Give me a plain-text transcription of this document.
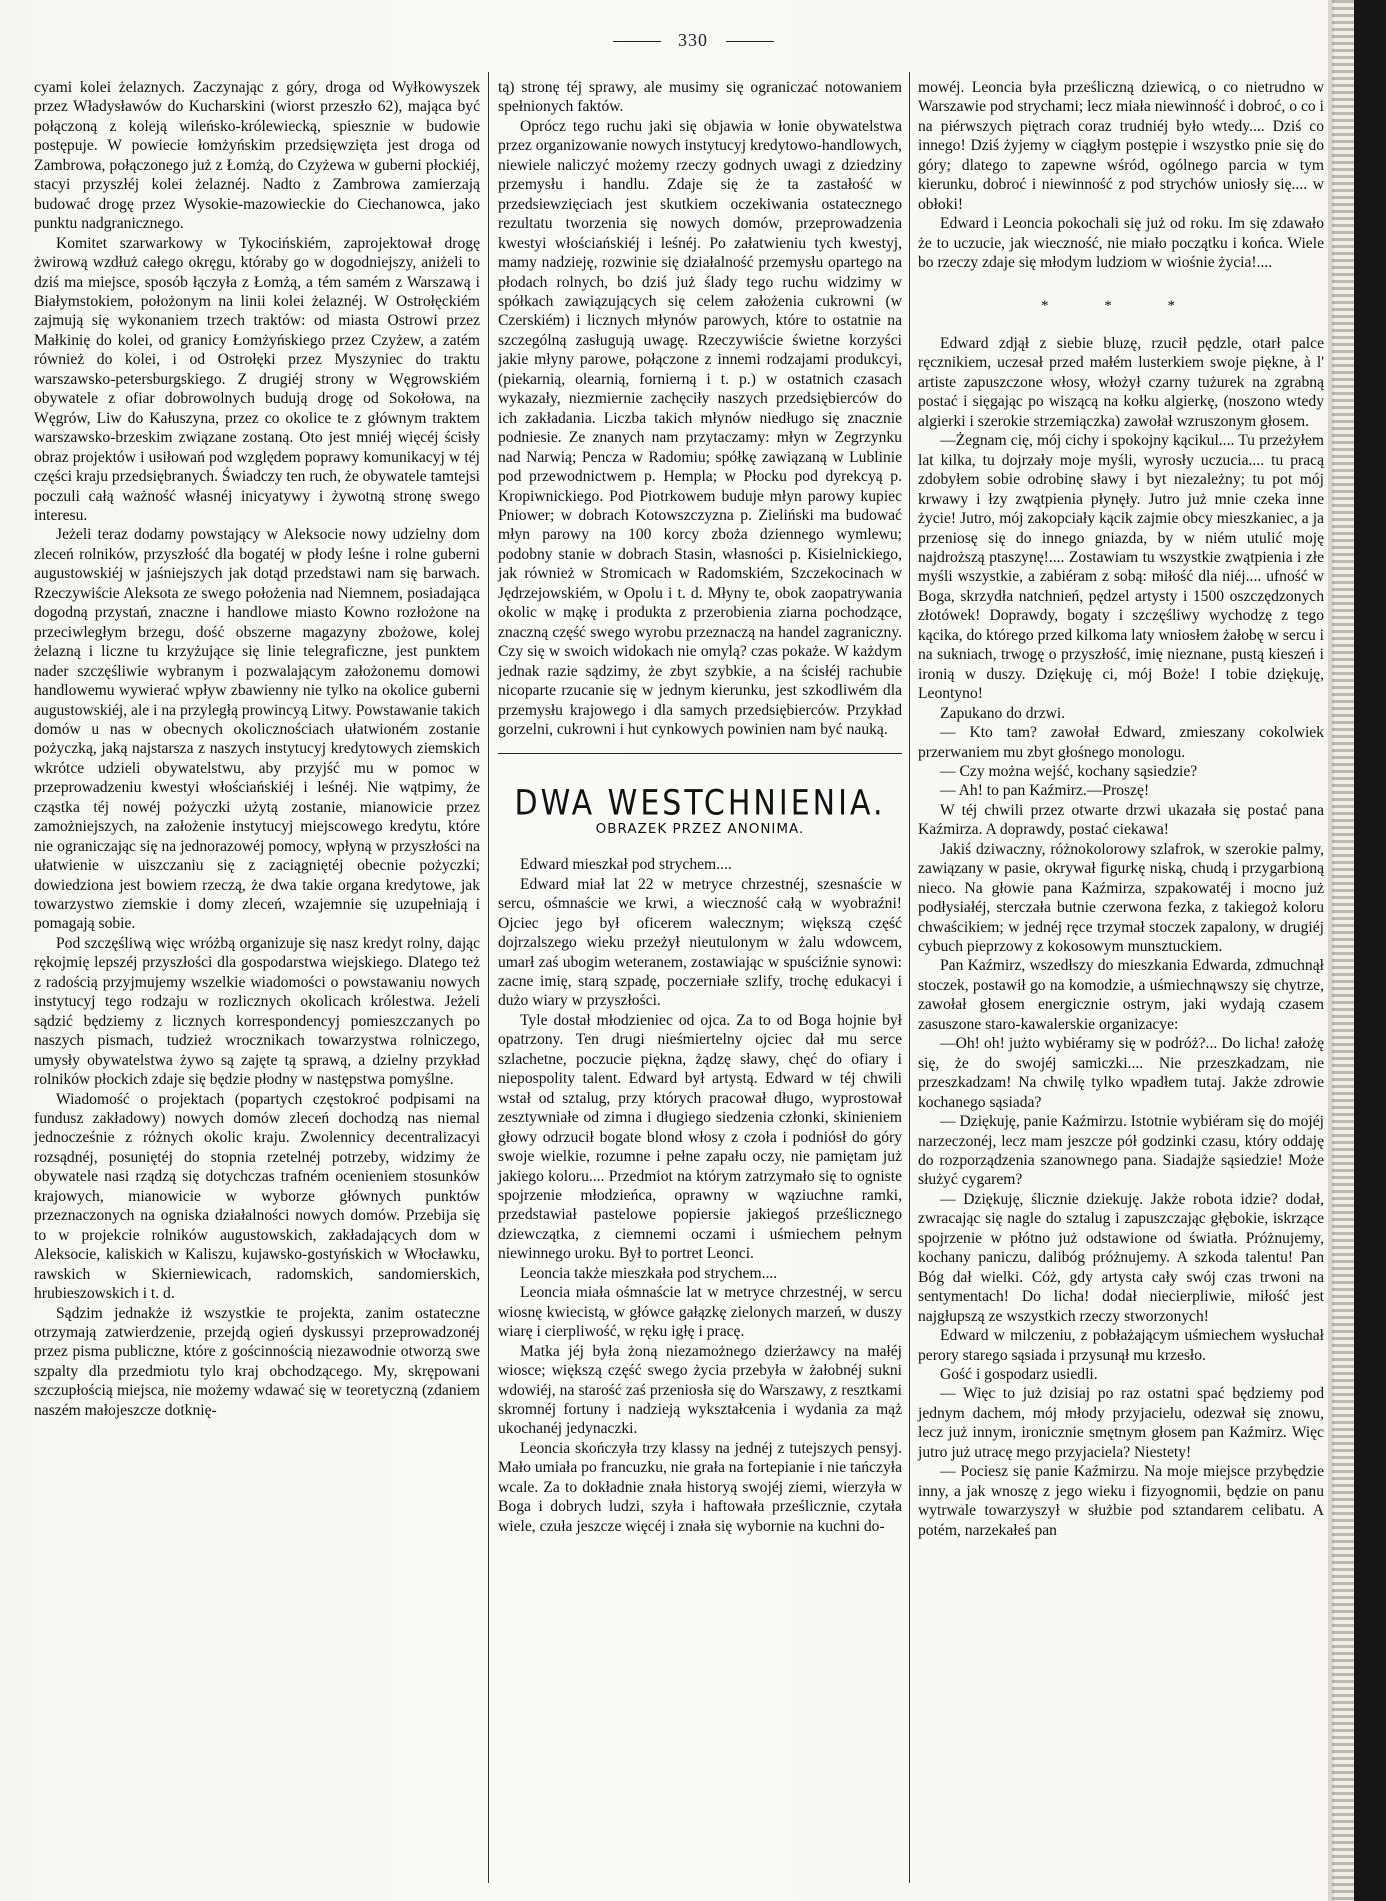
330

cyami kolei żelaznych. Zaczynając z góry, droga od Wyłkowyszek przez Władysławów do Kucharskini (wiorst przeszło 62), mająca być połączoną z koleją wileńsko-królewiecką, spiesznie w budowie postępuje. W powiecie łomżyńskim przedsięwzięta jest droga od Zambrowa, połączonego już z Łomżą, do Czyżewa w guberni płockiéj, stacyi przyszłéj kolei żelaznéj. Nadto z Zambrowa zamierzają budować drogę przez Wysokie-mazowieckie do Ciechanowca, jako punktu nadgranicznego.

Komitet szarwarkowy w Tykocińskiém, zaprojektował drogę żwirową wzdłuż całego okręgu, któraby go w dogodniejszy, aniżeli to dziś ma miejsce, sposób łączyła z Łomżą, a tém samém z Warszawą i Białymstokiem, położonym na linii kolei żelaznéj. W Ostrołęckiém zajmują się wykonaniem trzech traktów: od miasta Ostrowi przez Małkinię do kolei, od granicy Łomżyńskiego przez Czyżew, a zatém również do kolei, i od Ostrołęki przez Myszyniec do traktu warszawsko-petersburgskiego. Z drugiéj strony w Węgrowskiém obywatele z ofiar dobrowolnych budują drogę od Sokołowa, na Węgrów, Liw do Kałuszyna, przez co okolice te z głównym traktem warszawsko-brzeskim związane zostaną. Oto jest mniéj więcéj ścisły obraz projektów i usiłowań pod względem poprawy komunikacyj w téj części kraju przedsiębranych. Świadczy ten ruch, że obywatele tamtejsi poczuli całą ważność własnéj inicyatywy i żywotną stronę swego interesu.

Jeżeli teraz dodamy powstający w Aleksocie nowy udzielny dom zleceń rolników, przyszłość dla bogatéj w płody leśne i rolne guberni augustowskiéj w jaśniejszych jak dotąd przedstawi nam się barwach. Rzeczywiście Aleksota ze swego położenia nad Niemnem, posiadająca dogodną przystań, znaczne i handlowe miasto Kowno rozłożone na przeciwległym brzegu, dość obszerne magazyny zbożowe, kolej żelazną i liczne tu krzyżujące się linie telegraficzne, jest punktem nader szczęśliwie wybranym i pozwalającym założonemu domowi handlowemu wywierać wpływ zbawienny nie tylko na okolice guberni augustowskiéj, ale i na przyległą prowincyą Litwy. Powstawanie takich domów u nas w obecnych okolicznościach ułatwioném zostanie pożyczką, jaką najstarsza z naszych instytucyj kredytowych ziemskich wkrótce udzieli obywatelstwu, aby przyjść mu w pomoc w przeprowadzeniu kwestyi włościańskiéj i leśnéj. Nie wątpimy, że cząstka téj nowéj pożyczki użytą zostanie, mianowicie przez zamożniejszych, na założenie instytucyj miejscowego kredytu, które nie ograniczając się na jednorazowéj pomocy, wpłyną w przyszłości na ułatwienie w uiszczaniu się z zaciągniętéj obecnie pożyczki; dowiedziona jest bowiem rzeczą, że dwa takie organa kredytowe, jak towarzystwo ziemskie i domy zleceń, wzajemnie się uzupełniają i pomagają sobie.

Pod szczęśliwą więc wróżbą organizuje się nasz kredyt rolny, dając rękojmię lepszéj przyszłości dla gospodarstwa wiejskiego. Dlatego też z radością przyjmujemy wszelkie wiadomości o powstawaniu nowych instytucyj tego rodzaju w rozlicznych okolicach królestwa. Jeżeli sądzić będziemy z licznych korrespondencyj pomieszczanych po naszych pismach, tudzież wrocznikach towarzystwa rolniczego, umysły obywatelstwa żywo są zajęte tą sprawą, a dzielny przykład rolników płockich zdaje się będzie płodny w następstwa pomyślne.

Wiadomość o projektach (popartych częstokroć podpisami na fundusz zakładowy) nowych domów zleceń dochodzą nas niemal jednocześnie z różnych okolic kraju. Zwolennicy decentralizacyi rozsądnéj, posuniętéj do stopnia rzetelnéj potrzeby, widzimy że obywatele nasi rządzą się dotychczas trafném ocenieniem stosunków krajowych, mianowicie w wyborze głównych punktów przeznaczonych na ogniska działalności nowych domów. Przebija się to w projekcie rolników augustowskich, zakładających dom w Aleksocie, kaliskich w Kaliszu, kujawsko-gostyńskich w Włocławku, rawskich w Skierniewicach, radomskich, sandomierskich, hrubieszowskich i t. d.

Sądzim jednakże iż wszystkie te projekta, zanim ostateczne otrzymają zatwierdzenie, przejdą ogień dyskussyi przeprowadzonéj przez pisma publiczne, które z gościnnością niezawodnie otworzą swe szpalty dla przedmiotu tylo kraj obchodzącego. My, skrępowani szczupłością miejsca, nie możemy wdawać się w teoretyczną (zdaniem naszém małojeszcze dotknię-

tą) stronę téj sprawy, ale musimy się ograniczać notowaniem spełnionych faktów.

Oprócz tego ruchu jaki się objawia w łonie obywatelstwa przez organizowanie nowych instytucyj kredytowo-handlowych, niewiele naliczyć możemy rzeczy godnych uwagi z dziedziny przemysłu i handlu. Zdaje się że ta zastałość w przedsiewzięciach jest skutkiem oczekiwania ostatecznego rezultatu tworzenia się nowych domów, przeprowadzenia kwestyi włościańskiéj i leśnéj. Po załatwieniu tych kwestyj, mamy nadzieję, rozwinie się działalność przemysłu opartego na płodach rolnych, bo dziś już ślady tego ruchu widzimy w spółkach zawiązujących się celem założenia cukrowni (w Czerskiém) i licznych młynów parowych, które to ostatnie na szczególną zasługują uwagę. Rzeczywiście świetne korzyści jakie młyny parowe, połączone z innemi rodzajami produkcyi, (piekarnią, olearnią, fornierną i t. p.) w ostatnich czasach wykazały, niezmiernie zachęciły naszych przedsiębierców do ich zakładania. Liczba takich młynów niedługo się znacznie podniesie. Ze znanych nam przytaczamy: młyn w Zegrzynku nad Narwią; Pencza w Radomiu; spółkę zawiązaną w Lublinie pod przewodnictwem p. Hempla; w Płocku pod dyrekcyą p. Kropiwnickiego. Pod Piotrkowem buduje młyn parowy kupiec Pniower; w dobrach Kotowszczyzna p. Zieliński ma budować młyn parowy na 100 korcy zboża dziennego wymlewu; podobny stanie w dobrach Stasin, własności p. Kisielnickiego, jak również w Stromicach w Radomskiém, Szczekocinach w Jędrzejowskiém, w Opolu i t. d. Młyny te, obok zaopatrywania okolic w mąkę i produkta z przerobienia ziarna pochodzące, znaczną część swego wyrobu przeznaczą na handel zagraniczny. Czy się w swoich widokach nie omylą? czas pokaże. W każdym jednak razie sądzimy, że zbyt szybkie, a na ścisłéj rachubie nicoparte rzucanie się w jednym kierunku, jest szkodliwém dla przemysłu krajowego i dla samych przedsiębierców. Przykład gorzelni, cukrowni i hut cynkowych powinien nam być nauką.

DWA WESTCHNIENIA.
OBRAZEK PRZEZ ANONIMA.

Edward mieszkał pod strychem....

Edward miał lat 22 w metryce chrzestnéj, szesnaście w sercu, ośmnaście we krwi, a wieczność całą w wyobraźni! Ojciec jego był oficerem walecznym; większą część dojrzalszego wieku przeżył nieutulonym w żalu wdowcem, umarł zaś ubogim weteranem, zostawiając w spuściźnie synowi: zacne imię, starą szpadę, poczerniałe szlify, trochę edukacyi i dużo wiary w przyszłości.

Tyle dostał młodzieniec od ojca. Za to od Boga hojnie był opatrzony. Ten drugi nieśmiertelny ojciec dał mu serce szlachetne, poczucie piękna, żądzę sławy, chęć do ofiary i niepospolity talent. Edward był artystą. Edward w téj chwili wstał od sztalug, przy których pracował długo, wyprostował zesztywniałe od zimna i długiego siedzenia członki, skinieniem głowy odrzucił bogate blond włosy z czoła i podniósł do góry swoje wielkie, rozumne i pełne zapału oczy, nie pamiętam już jakiego koloru.... Przedmiot na którym zatrzymało się to ogniste spojrzenie młodzieńca, oprawny w wąziuchne ramki, przedstawiał pastelowe popiersie jakiegoś prześlicznego dziewczątka, z ciemnemi oczami i uśmiechem pełnym niewinnego uroku. Był to portret Leonci.

Leoncia także mieszkała pod strychem....

Leoncia miała ośmnaście lat w metryce chrzestnéj, w sercu wiosnę kwiecistą, w główce gałązkę zielonych marzeń, w duszy wiarę i cierpliwość, w ręku igłę i pracę.

Matka jéj była żoną niezamożnego dzierżawcy na małéj wiosce; większą część swego życia przebyła w żałobnéj sukni wdowiéj, na starość zaś przeniosła się do Warszawy, z resztkami skromnéj fortuny i nadzieją wykształcenia i wydania za mąż ukochanéj jedynaczki.

Leoncia skończyła trzy klassy na jednéj z tutejszych pensyj. Mało umiała po francuzku, nie grała na fortepianie i nie tańczyła wcale. Za to dokładnie znała historyą swojéj ziemi, wierzyła w Boga i dobrych ludzi, szyła i haftowała prześlicznie, czytała wiele, czuła jeszcze więcéj i znała się wybornie na kuchni do-

mowéj. Leoncia była prześliczną dziewicą, o co nietrudno w Warszawie pod strychami; lecz miała niewinność i dobroć, o co i na piérwszych piętrach coraz trudniéj było wtedy.... Dziś co innego! Dziś żyjemy w ciągłym postępie i wszystko pnie się do góry; dlatego to zapewne wśród, ogólnego parcia w tym kierunku, dobroć i niewinność z pod strychów uniosły się.... w obłoki!

Edward i Leoncia pokochali się już od roku. Im się zdawało że to uczucie, jak wieczność, nie miało początku i końca. Wiele bo rzeczy zdaje się młodym ludziom w wiośnie życia!....

* * *

Edward zdjął z siebie bluzę, rzucił pędzle, otarł palce ręcznikiem, uczesał przed małém lusterkiem swoje piękne, à l' artiste zapuszczone włosy, włożył czarny tużurek na zgrabną postać i sięgając po wiszącą na kołku algierkę, (noszono wtedy algierki i szerokie strzemiączka) zawołał wzruszonym głosem.

—Żegnam cię, mój cichy i spokojny kącikul.... Tu przeżyłem lat kilka, tu dojrzały moje myśli, wyrosły uczucia.... tu pracą zdobyłem sobie odrobinę sławy i byt niezależny; tu pot mój krwawy i łzy zwątpienia płynęły. Jutro już mnie czeka inne życie! Jutro, mój zakopciały kącik zajmie obcy mieszkaniec, a ja przeniosę się do innego gniazda, by w niém utulić moję najdroższą ptaszynę!.... Zostawiam tu wszystkie zwątpienia i złe myśli wszystkie, a zabiéram z sobą: miłość dla niéj.... ufność w Boga, skrzydła natchnień, pędzel artysty i 1500 oszczędzonych złotówek! Doprawdy, bogaty i szczęśliwy wychodzę z tego kącika, do którego przed kilkoma laty wniosłem żałobę w sercu i na sukniach, trwogę o przyszłość, imię nieznane, pustą kieszeń i ironią w duszy. Dziękuję ci, mój Boże! I tobie dziękuję, Leontyno!

Zapukano do drzwi.

— Kto tam? zawołał Edward, zmieszany cokolwiek przerwaniem mu zbyt głośnego monologu.

— Czy można wejść, kochany sąsiedzie?

— Ah! to pan Kaźmirz.—Proszę!

W téj chwili przez otwarte drzwi ukazała się postać pana Kaźmirza. A doprawdy, postać ciekawa!

Jakiś dziwaczny, różnokolorowy szlafrok, w szerokie palmy, zawiązany w pasie, okrywał figurkę niską, chudą i przygarbioną nieco. Na głowie pana Kaźmirza, szpakowatéj i mocno już podłysiałéj, sterczała butnie czerwona fezka, z takiegoż koloru chwaścikiem; w jednéj ręce trzymał stoczek zapalony, w drugiéj cybuch pieprzowy z kokosowym munsztuckiem.

Pan Kaźmirz, wszedłszy do mieszkania Edwarda, zdmuchnął stoczek, postawił go na komodzie, a uśmiechnąwszy się chytrze, zawołał głosem energicznie ostrym, jaki wydają czasem zasuszone staro-kawalerskie organizacye:

—Oh! oh! jużto wybiéramy się w podróż?... Do licha! założę się, że do swojéj samiczki.... Nie przeszkadzam, nie przeszkadzam! Na chwilę tylko wpadłem tutaj. Jakże zdrowie kochanego sąsiada?

— Dziękuję, panie Kaźmirzu. Istotnie wybiéram się do mojéj narzeczonéj, lecz mam jeszcze pół godzinki czasu, który oddaję do rozporządzenia szanownego pana. Siadajże sąsiedzie! Może służyć cygarem?

— Dziękuję, ślicznie dziekuję. Jakże robota idzie? dodał, zwracając się nagle do sztalug i zapuszczając głębokie, iskrzące spojrzenie w płótno już odstawione od światła. Próżnujemy, kochany paniczu, dalibóg próżnujemy. A szkoda talentu! Pan Bóg dał wielki. Cóż, gdy artysta cały swój czas trwoni na sentymentach! Do licha! dodał niecierpliwie, miłość jest najgłupszą ze wszystkich rzeczy stworzonych!

Edward w milczeniu, z pobłażającym uśmiechem wysłuchał perory starego sąsiada i przysunął mu krzesło.

Gość i gospodarz usiedli.

— Więc to już dzisiaj po raz ostatni spać będziemy pod jednym dachem, mój młody przyjacielu, odezwał się znowu, lecz już innym, ironicznie smętnym głosem pan Kaźmirz. Więc jutro już utracę mego przyjaciela? Niestety!

— Pociesz się panie Kaźmirzu. Na moje miejsce przybędzie inny, a jak wnoszę z jego wieku i fizyognomii, będzie on panu wytrwale towarzyszył w służbie pod sztandarem celibatu. A potém, narzekałeś pan
